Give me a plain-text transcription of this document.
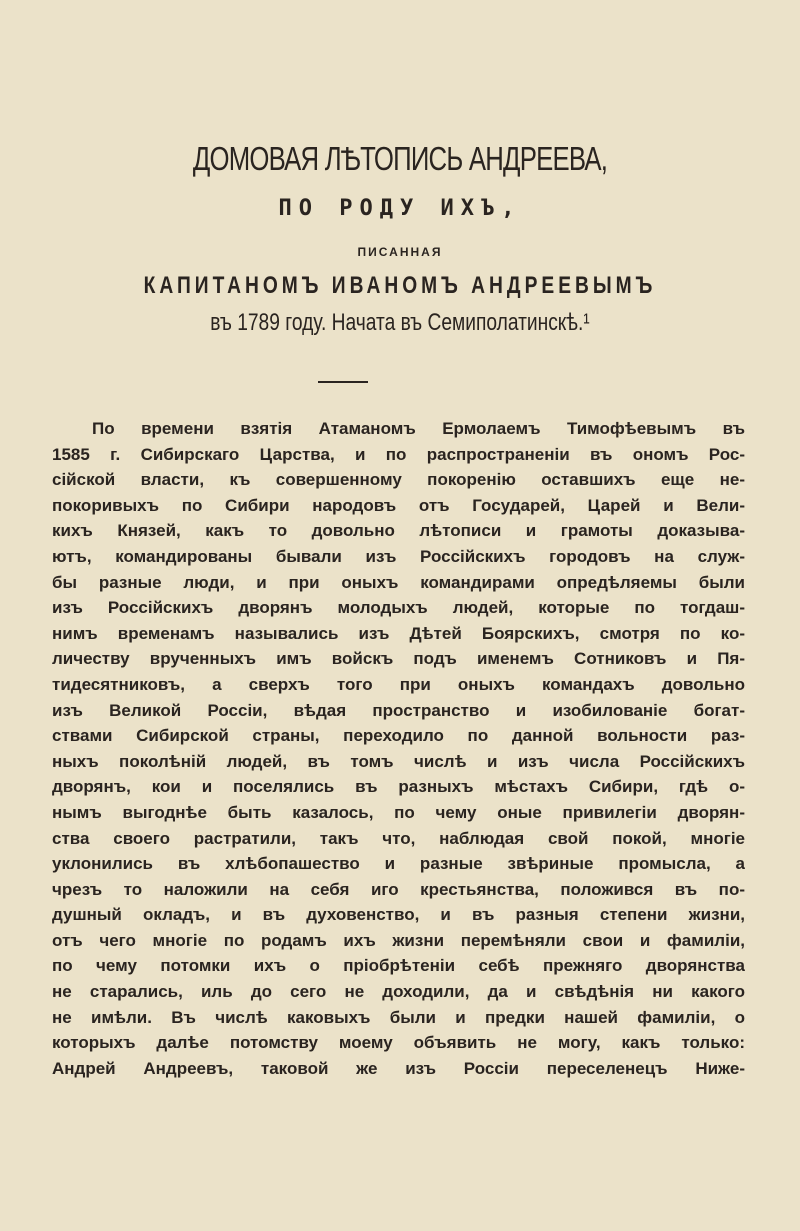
ДОМОВАЯ ЛѢТОПИСЬ АНДРЕЕВА,
ПО РОДУ ИХЪ,
ПИСАННАЯ
КАПИТАНОМЪ ИВАНОМЪ АНДРЕЕВЫМЪ
въ 1789 году. Начата въ Семиполатинскѣ.¹
По времени взятія Атаманомъ Ермолаемъ Тимофѣевымъ въ
1585 г. Сибирскаго Царства, и по распространеніи въ ономъ Рос-
сійской власти, къ совершенному покоренію оставшихъ еще не-
покоривыхъ по Сибири народовъ отъ Государей, Царей и Вели-
кихъ Князей, какъ то довольно лѣтописи и грамоты доказыва-
ютъ, командированы бывали изъ Россійскихъ городовъ на служ-
бы разные люди, и при оныхъ командирами опредѣляемы были
изъ Россійскихъ дворянъ молодыхъ людей, которые по тогдаш-
нимъ временамъ назывались изъ Дѣтей Боярскихъ, смотря по ко-
личеству врученныхъ имъ войскъ подъ именемъ Сотниковъ и Пя-
тидесятниковъ, а сверхъ того при оныхъ командахъ довольно
изъ Великой Россіи, вѣдая пространство и изобилованіе богат-
ствами Сибирской страны, переходило по данной вольности раз-
ныхъ поколѣній людей, въ томъ числѣ и изъ числа Россійскихъ
дворянъ, кои и поселялись въ разныхъ мѣстахъ Сибири, гдѣ о-
нымъ выгоднѣе быть казалось, по чему оные привилегіи дворян-
ства своего растратили, такъ что, наблюдая свой покой, многіе
уклонились въ хлѣбопашество и разные звѣриные промысла, а
чрезъ то наложили на себя иго крестьянства, положився въ по-
душный окладъ, и въ духовенство, и въ разныя степени жизни,
отъ чего многіе по родамъ ихъ жизни перемѣняли свои и фамиліи,
по чему потомки ихъ о пріобрѣтеніи себѣ прежняго дворянства
не старались, иль до сего не доходили, да и свѣдѣнія ни какого
не имѣли. Въ числѣ каковыхъ были и предки нашей фамиліи, о
которыхъ далѣе потомству моему объявить не могу, какъ только:
Андрей Андреевъ, таковой же изъ Россіи переселенецъ Ниже-
